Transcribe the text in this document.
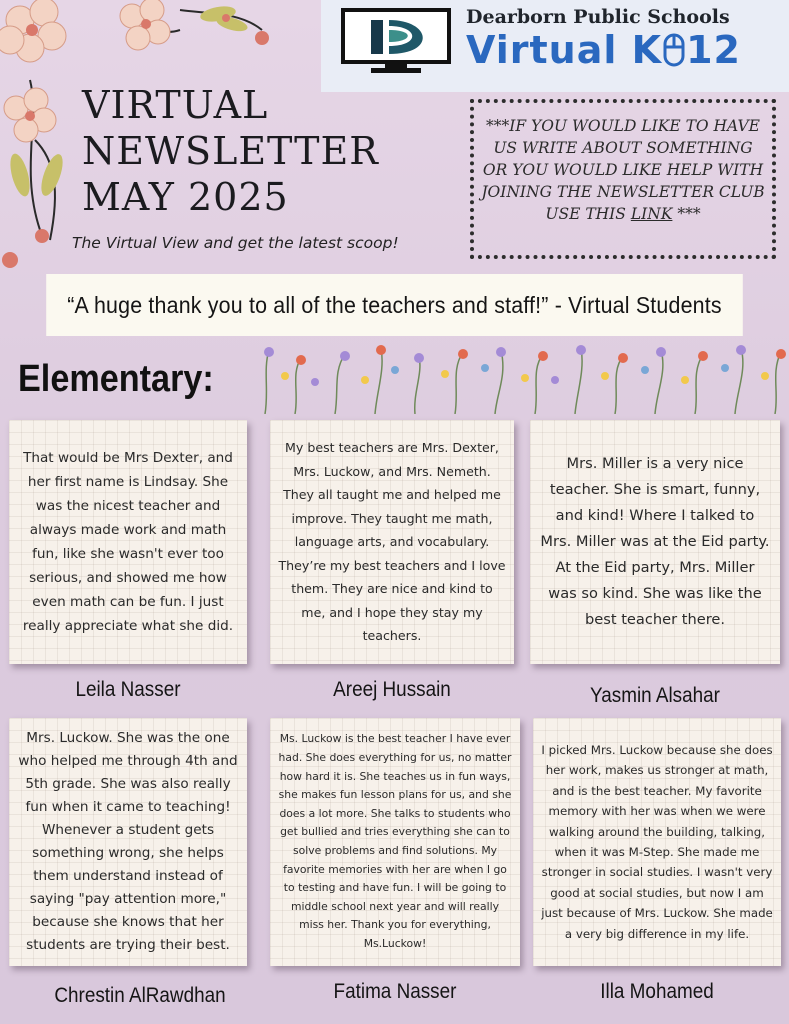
Dearborn Public Schools
Virtual K 12
VIRTUAL
NEWSLETTER
MAY 2025
The Virtual View and get the latest scoop!
***IF YOU WOULD LIKE TO HAVE US WRITE ABOUT SOMETHING OR YOU WOULD LIKE HELP WITH JOINING THE NEWSLETTER CLUB USE THIS LINK ***
“A huge thank you to all of the teachers and staff!” - Virtual Students
Elementary:

That would be Mrs Dexter, and her first name is Lindsay. She was the nicest teacher and always made work and math fun, like she wasn't ever too serious, and showed me how even math can be fun. I just really appreciate what she did.

My best teachers are Mrs. Dexter, Mrs. Luckow, and Mrs. Nemeth. They all taught me and helped me improve. They taught me math, language arts, and vocabulary. They’re my best teachers and I love them. They are nice and kind to me, and I hope they stay my teachers.

Mrs. Miller is a very nice teacher. She is smart, funny, and kind! Where I talked to Mrs. Miller was at the Eid party. At the Eid party, Mrs. Miller was so kind. She was like the best teacher there.

Mrs. Luckow. She was the one who helped me through 4th and 5th grade. She was also really fun when it came to teaching! Whenever a student gets something wrong, she helps them understand instead of saying "pay attention more," because she knows that her students are trying their best.

Ms. Luckow is the best teacher I have ever had. She does everything for us, no matter how hard it is. She teaches us in fun ways, she makes fun lesson plans for us, and she does a lot more. She talks to students who get bullied and tries everything she can to solve problems and find solutions. My favorite memories with her are when I go to testing and have fun. I will be going to middle school next year and will really miss her. Thank you for everything, Ms.Luckow!

I picked Mrs. Luckow because she does her work, makes us stronger at math, and is the best teacher. My favorite memory with her was when we were walking around the building, talking, when it was M-Step. She made me stronger in social studies. I wasn't very good at social studies, but now I am just because of Mrs. Luckow. She made a very big difference in my life.

Leila Nasser	Areej Hussain	Yasmin Alsahar
Chrestin AlRawdhan	Fatima Nasser	Illa Mohamed
